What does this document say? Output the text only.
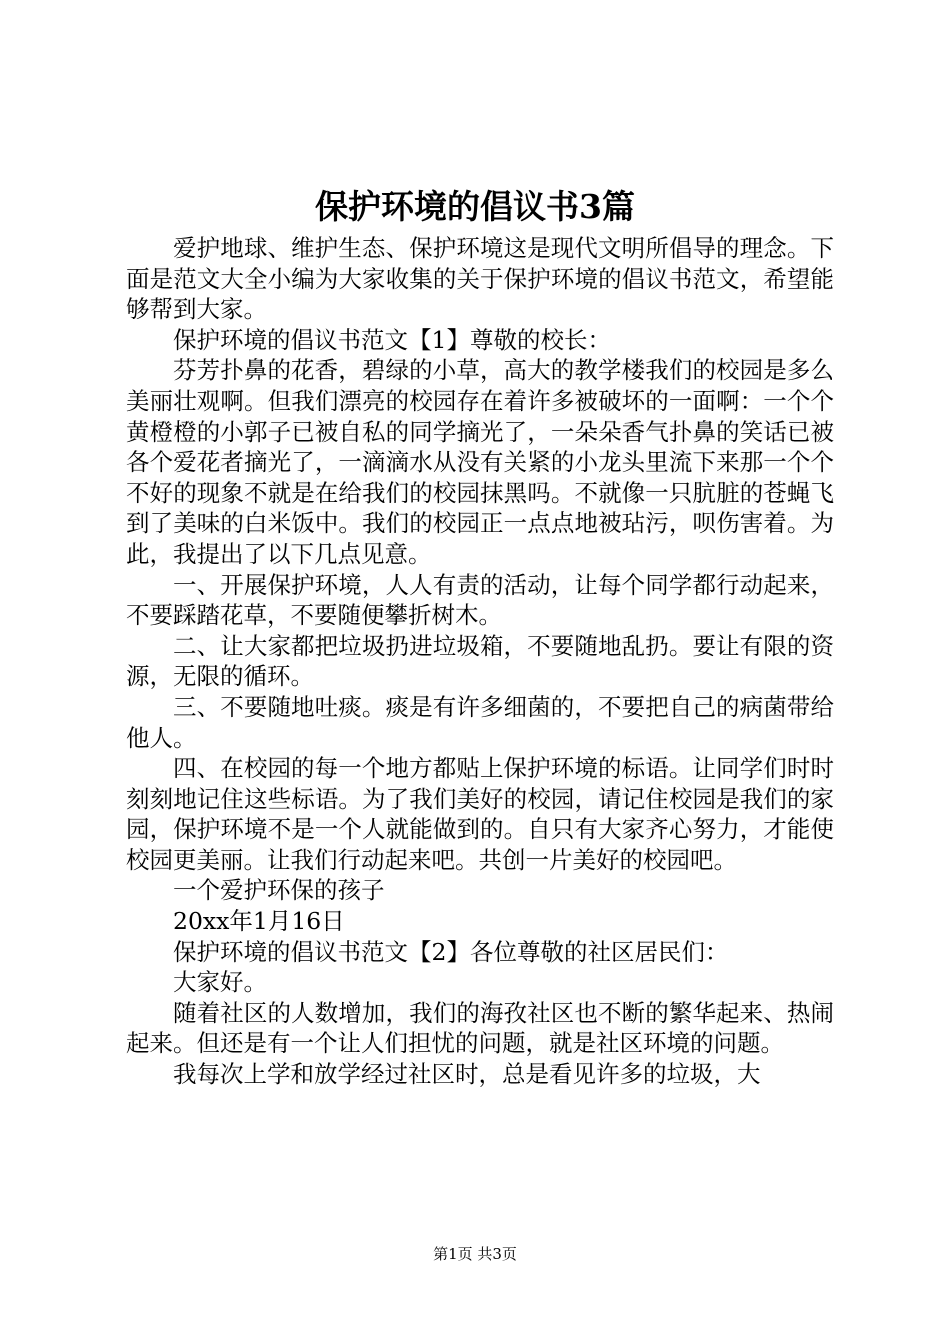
保护环境的倡议书3篇

爱护地球、维护生态、保护环境这是现代文明所倡导的理念。下面是范文大全小编为大家收集的关于保护环境的倡议书范文，希望能够帮到大家。

保护环境的倡议书范文【1】尊敬的校长：

芬芳扑鼻的花香，碧绿的小草，高大的教学楼我们的校园是多么美丽壮观啊。但我们漂亮的校园存在着许多被破坏的一面啊：一个个黄橙橙的小郭子已被自私的同学摘光了，一朵朵香气扑鼻的笑话已被各个爱花者摘光了，一滴滴水从没有关紧的小龙头里流下来那一个个不好的现象不就是在给我们的校园抹黑吗。不就像一只肮脏的苍蝇飞到了美味的白米饭中。我们的校园正一点点地被玷污，呗伤害着。为此，我提出了以下几点见意。

一、开展保护环境，人人有责的活动，让每个同学都行动起来，不要踩踏花草，不要随便攀折树木。

二、让大家都把垃圾扔进垃圾箱，不要随地乱扔。要让有限的资源，无限的循环。

三、不要随地吐痰。痰是有许多细菌的，不要把自己的病菌带给他人。

四、在校园的每一个地方都贴上保护环境的标语。让同学们时时刻刻地记住这些标语。为了我们美好的校园，请记住校园是我们的家园，保护环境不是一个人就能做到的。自只有大家齐心努力，才能使校园更美丽。让我们行动起来吧。共创一片美好的校园吧。

一个爱护环保的孩子

20xx年1月16日

保护环境的倡议书范文【2】各位尊敬的社区居民们：

大家好。

随着社区的人数增加，我们的海孜社区也不断的繁华起来、热闹起来。但还是有一个让人们担忧的问题，就是社区环境的问题。

我每次上学和放学经过社区时，总是看见许多的垃圾，大

第1页 共3页
